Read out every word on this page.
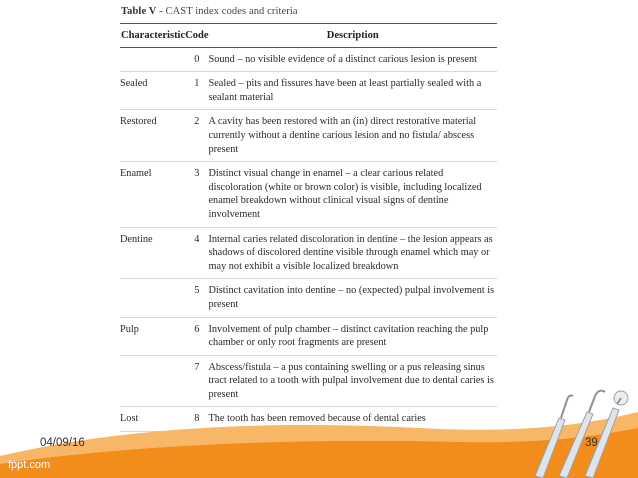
Table V - CAST index codes and criteria
Characteristic	Code	Description
	0	Sound – no visible evidence of a distinct carious lesion is present
Sealed	1	Sealed – pits and fissures have been at least partially sealed with a sealant material
Restored	2	A cavity has been restored with an (in) direct restorative material currently without a dentine carious lesion and no fistula/ abscess present
Enamel	3	Distinct visual change in enamel – a clear carious related discoloration (white or brown color) is visible, including localized enamel breakdown without clinical visual signs of dentine involvement
Dentine	4	Internal caries related discoloration in dentine – the lesion appears as shadows of discolored dentine visible through enamel which may or may not exhibit a visible localized breakdown
	5	Distinct cavitation into dentine – no (expected) pulpal involvement is present
Pulp	6	Involvement of pulp chamber – distinct cavitation reaching the pulp chamber or only root fragments are present
	7	Abscess/fistula – a pus containing swelling or a pus releasing sinus tract related to a tooth with pulpal involvement due to dental caries is present
Lost	8	The tooth has been removed because of dental caries

04/09/16	39
fppt.com
